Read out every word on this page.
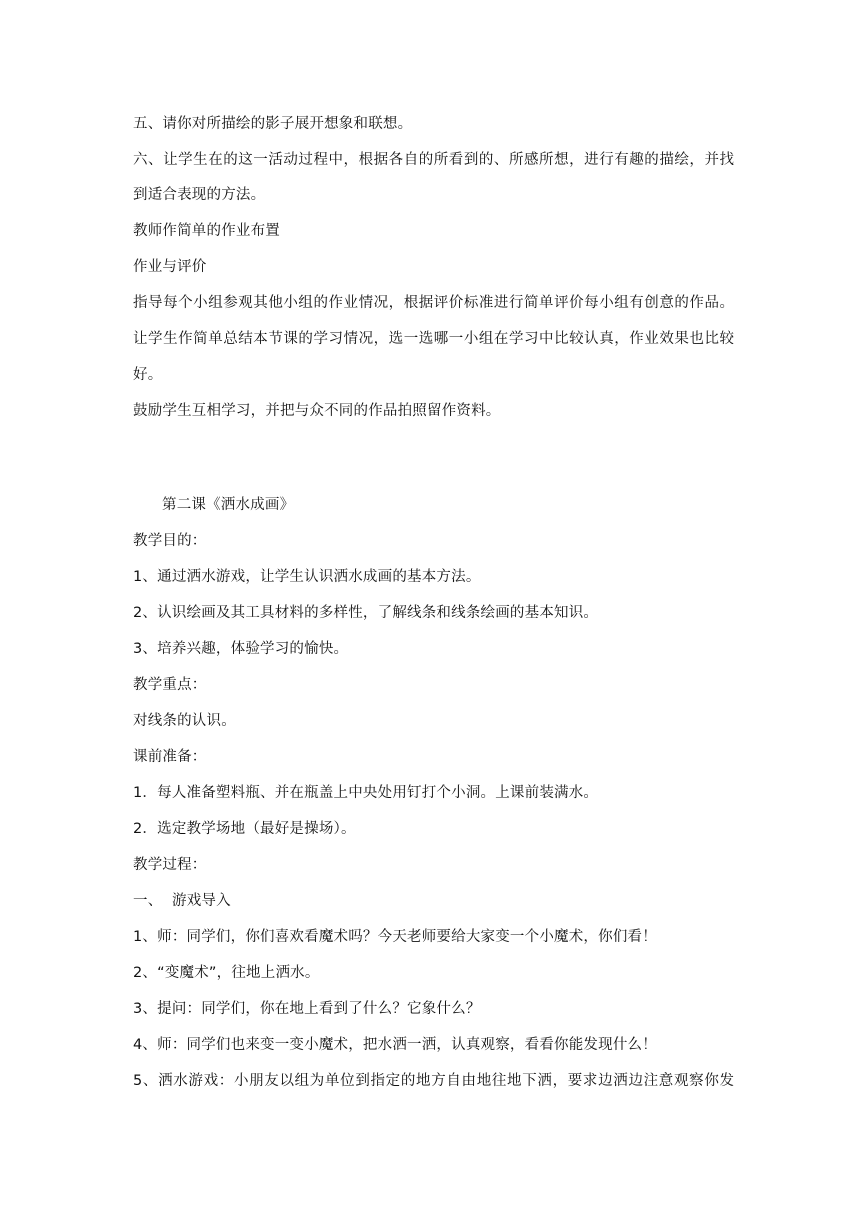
五、请你对所描绘的影子展开想象和联想。
六、让学生在的这一活动过程中，根据各自的所看到的、所感所想，进行有趣的描绘，并找
到适合表现的方法。
教师作简单的作业布置
作业与评价
指导每个小组参观其他小组的作业情况，根据评价标准进行简单评价每小组有创意的作品。
让学生作简单总结本节课的学习情况，选一选哪一小组在学习中比较认真，作业效果也比较
好。
鼓励学生互相学习，并把与众不同的作品拍照留作资料。
第二课《洒水成画》
教学目的：
1、通过洒水游戏，让学生认识洒水成画的基本方法。
2、认识绘画及其工具材料的多样性，了解线条和线条绘画的基本知识。
3、培养兴趣，体验学习的愉快。
教学重点：
对线条的认识。
课前准备：
1．每人准备塑料瓶、并在瓶盖上中央处用钉打个小洞。上课前装满水。
2．选定教学场地（最好是操场）。
教学过程：
一、  游戏导入
1、师：同学们，你们喜欢看魔术吗？今天老师要给大家变一个小魔术，你们看！
2、“变魔术”，往地上洒水。
3、提问：同学们，你在地上看到了什么？它象什么？
4、师：同学们也来变一变小魔术，把水洒一洒，认真观察，看看你能发现什么！
5、洒水游戏：小朋友以组为单位到指定的地方自由地往地下洒，要求边洒边注意观察你发
